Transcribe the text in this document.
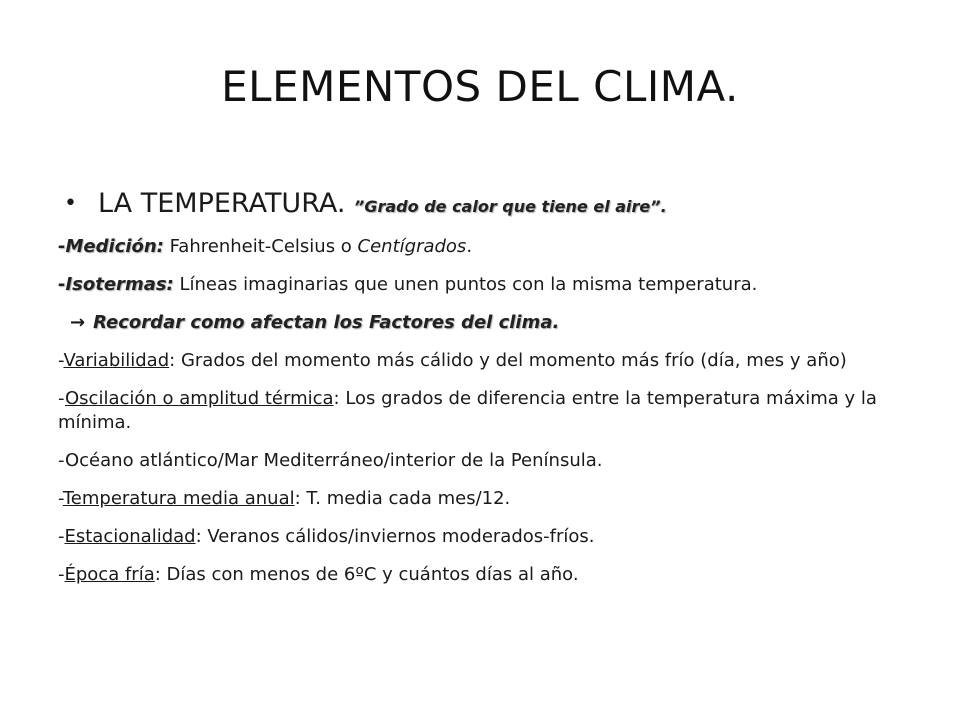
ELEMENTOS DEL CLIMA.
• LA TEMPERATURA. ”Grado de calor que tiene el aire”.
-Medición: Fahrenheit-Celsius o Centígrados.
-Isotermas: Líneas imaginarias que unen puntos con la misma temperatura.
→ Recordar como afectan los Factores del clima.
-Variabilidad: Grados del momento más cálido y del momento más frío (día, mes y año)
-Oscilación o amplitud térmica: Los grados de diferencia entre la temperatura máxima y la mínima.
-Océano atlántico/Mar Mediterráneo/interior de la Península.
-Temperatura media anual: T. media cada mes/12.
-Estacionalidad: Veranos cálidos/inviernos moderados-fríos.
-Época fría: Días con menos de 6ºC y cuántos días al año.
